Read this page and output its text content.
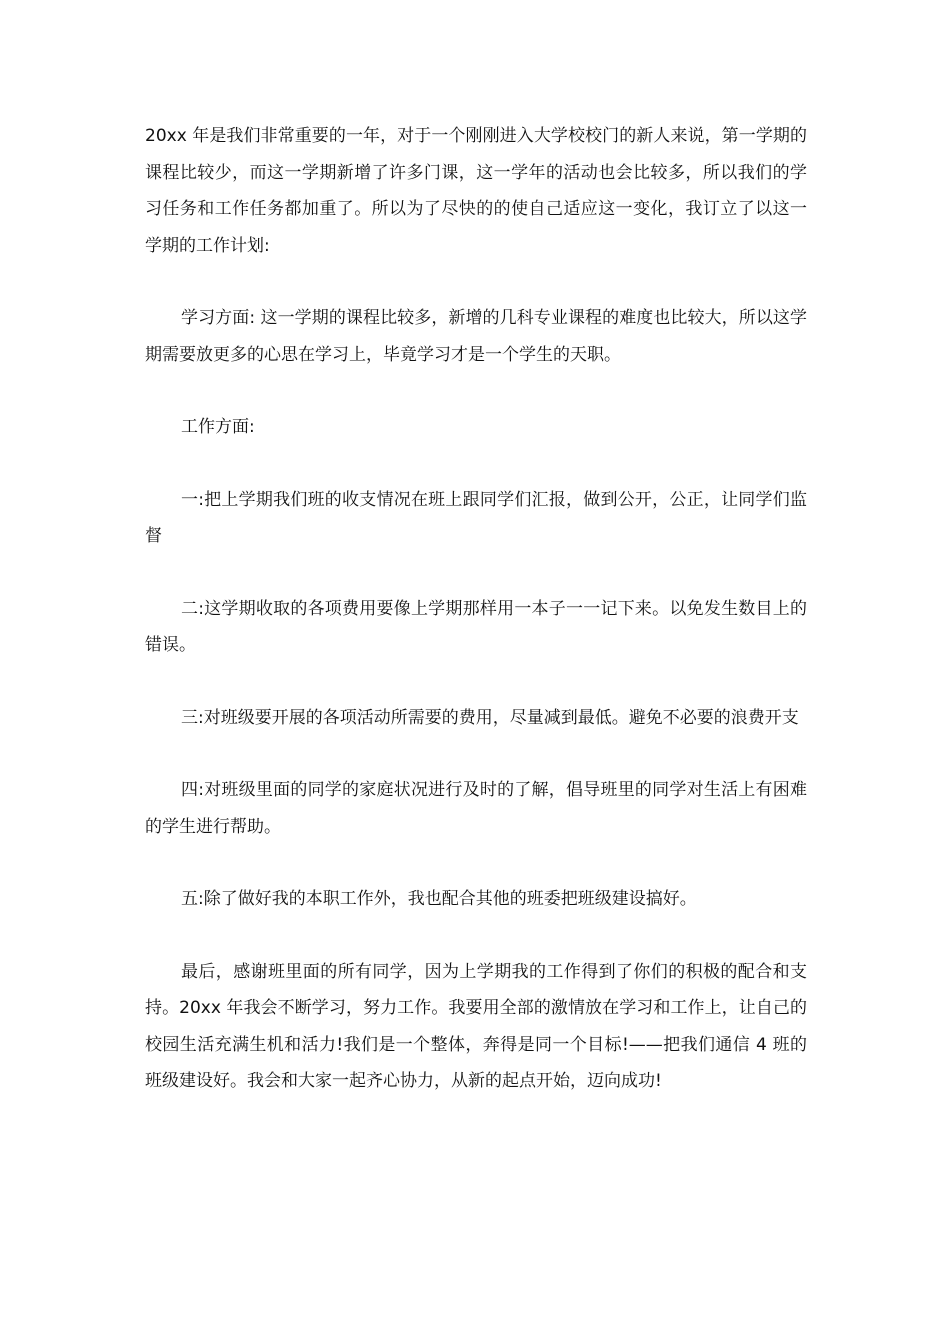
20xx 年是我们非常重要的一年，对于一个刚刚进入大学校校门的新人来说，第一学期的课程比较少，而这一学期新增了许多门课，这一学年的活动也会比较多，所以我们的学习任务和工作任务都加重了。所以为了尽快的的使自己适应这一变化，我订立了以这一学期的工作计划:

学习方面: 这一学期的课程比较多，新增的几科专业课程的难度也比较大，所以这学期需要放更多的心思在学习上，毕竟学习才是一个学生的天职。

工作方面:

一:把上学期我们班的收支情况在班上跟同学们汇报，做到公开，公正，让同学们监督

二:这学期收取的各项费用要像上学期那样用一本子一一记下来。以免发生数目上的错误。

三:对班级要开展的各项活动所需要的费用，尽量减到最低。避免不必要的浪费开支

四:对班级里面的同学的家庭状况进行及时的了解，倡导班里的同学对生活上有困难的学生进行帮助。

五:除了做好我的本职工作外，我也配合其他的班委把班级建设搞好。

最后，感谢班里面的所有同学，因为上学期我的工作得到了你们的积极的配合和支持。20xx 年我会不断学习，努力工作。我要用全部的激情放在学习和工作上，让自己的校园生活充满生机和活力!我们是一个整体，奔得是同一个目标!——把我们通信 4 班的班级建设好。我会和大家一起齐心协力，从新的起点开始，迈向成功!
